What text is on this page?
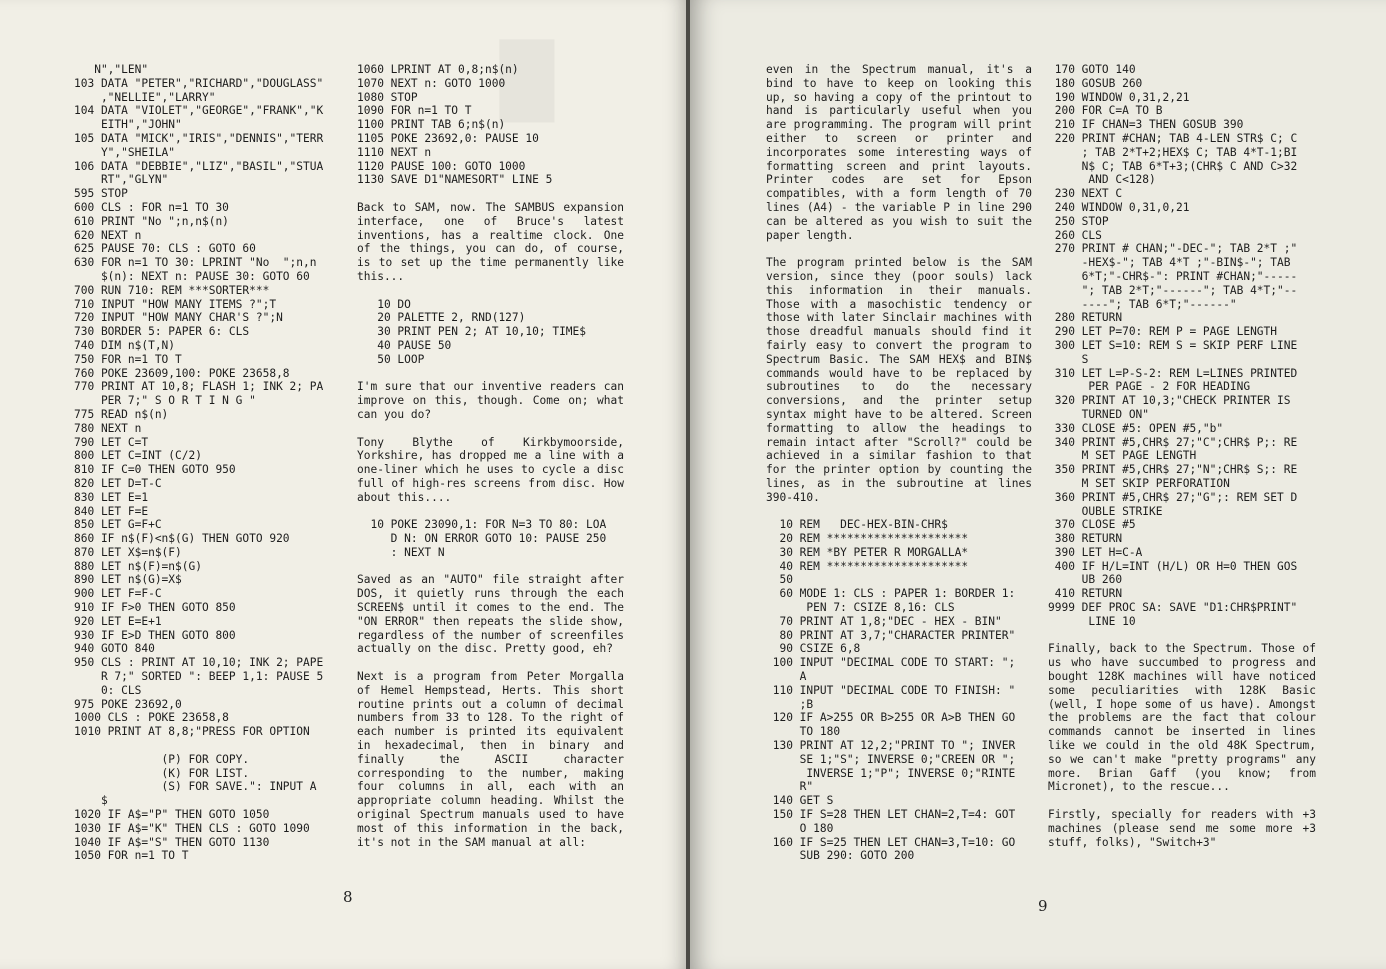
█
N","LEN"
103 DATA "PETER","RICHARD","DOUGLASS"
,"NELLIE","LARRY"
104 DATA "VIOLET","GEORGE","FRANK","K
EITH","JOHN"
105 DATA "MICK","IRIS","DENNIS","TERR
Y","SHEILA"
106 DATA "DEBBIE","LIZ","BASIL","STUA
RT","GLYN"
595 STOP
600 CLS : FOR n=1 TO 30
610 PRINT "No ";n,n$(n)
620 NEXT n
625 PAUSE 70: CLS : GOTO 60
630 FOR n=1 TO 30: LPRINT "No  ";n,n
$(n): NEXT n: PAUSE 30: GOTO 60
700 RUN 710: REM ***SORTER***
710 INPUT "HOW MANY ITEMS ?";T
720 INPUT "HOW MANY CHAR'S ?";N
730 BORDER 5: PAPER 6: CLS
740 DIM n$(T,N)
750 FOR n=1 TO T
760 POKE 23609,100: POKE 23658,8
770 PRINT AT 10,8; FLASH 1; INK 2; PA
PER 7;" S O R T I N G "
775 READ n$(n)
780 NEXT n
790 LET C=T
800 LET C=INT (C/2)
810 IF C=0 THEN GOTO 950
820 LET D=T-C
830 LET E=1
840 LET F=E
850 LET G=F+C
860 IF n$(F)<n$(G) THEN GOTO 920
870 LET X$=n$(F)
880 LET n$(F)=n$(G)
890 LET n$(G)=X$
900 LET F=F-C
910 IF F>0 THEN GOTO 850
920 LET E=E+1
930 IF E>D THEN GOTO 800
940 GOTO 840
950 CLS : PRINT AT 10,10; INK 2; PAPE
R 7;" SORTED ": BEEP 1,1: PAUSE 5
0: CLS
975 POKE 23692,0
1000 CLS : POKE 23658,8
1010 PRINT AT 8,8;"PRESS FOR OPTION

(P) FOR COPY.
(K) FOR LIST.
(S) FOR SAVE.": INPUT A
$
1020 IF A$="P" THEN GOTO 1050
1030 IF A$="K" THEN CLS : GOTO 1090
1040 IF A$="S" THEN GOTO 1130
1050 FOR n=1 TO T
1060 LPRINT AT 0,8;n$(n)
1070 NEXT n: GOTO 1000
1080 STOP
1090 FOR n=1 TO T
1100 PRINT TAB 6;n$(n)
1105 POKE 23692,0: PAUSE 10
1110 NEXT n
1120 PAUSE 100: GOTO 1000
1130 SAVE D1"NAMESORT" LINE 5

Back to SAM, now. The SAMBUS expansion interface, one of Bruce's latest inventions, has a realtime clock. One of the things, you can do, of course, is to set up the time permanently like this...

10 DO
20 PALETTE 2, RND(127)
30 PRINT PEN 2; AT 10,10; TIME$
40 PAUSE 50
50 LOOP

I'm sure that our inventive readers can improve on this, though. Come on; what can you do?

Tony Blythe of Kirkbymoorside, Yorkshire, has dropped me a line with a one-liner which he uses to cycle a disc full of high-res screens from disc. How about this....

10 POKE 23090,1: FOR N=3 TO 80: LOA
D N: ON ERROR GOTO 10: PAUSE 250
: NEXT N

Saved as an "AUTO" file straight after DOS, it quietly runs through the each SCREEN$ until it comes to the end. The "ON ERROR" then repeats the slide show, regardless of the number of screenfiles actually on the disc. Pretty good, eh?

Next is a program from Peter Morgalla of Hemel Hempstead, Herts. This short routine prints out a column of decimal numbers from 33 to 128. To the right of each number is printed its equivalent in hexadecimal, then in binary and finally the ASCII character corresponding to the number, making four columns in all, each with an appropriate column heading. Whilst the original Spectrum manuals used to have most of this information in the back, it's not in the SAM manual at all:

8

even in the Spectrum manual, it's a bind to have to keep on looking this up, so having a copy of the printout to hand is particularly useful when you are programming. The program will print either to screen or printer and incorporates some interesting ways of formatting screen and print layouts. Printer codes are set for Epson compatibles, with a form length of 70 lines (A4) - the variable P in line 290 can be altered as you wish to suit the paper length.

The program printed below is the SAM version, since they (poor souls) lack this information in their manuals. Those with a masochistic tendency or those with later Sinclair machines with those dreadful manuals should find it fairly easy to convert the program to Spectrum Basic. The SAM HEX$ and BIN$ commands would have to be replaced by subroutines to do the necessary conversions, and the printer setup syntax might have to be altered. Screen formatting to allow the headings to remain intact after "Scroll?" could be achieved in a similar fashion to that for the printer option by counting the lines, as in the subroutine at lines 390-410.

10 REM   DEC-HEX-BIN-CHR$
20 REM *********************
30 REM *BY PETER R MORGALLA*
40 REM *********************
50
60 MODE 1: CLS : PAPER 1: BORDER 1:
PEN 7: CSIZE 8,16: CLS
70 PRINT AT 1,8;"DEC - HEX - BIN"
80 PRINT AT 3,7;"CHARACTER PRINTER"
90 CSIZE 6,8
100 INPUT "DECIMAL CODE TO START: ";
A
110 INPUT "DECIMAL CODE TO FINISH: "
;B
120 IF A>255 OR B>255 OR A>B THEN GO
TO 180
130 PRINT AT 12,2;"PRINT TO "; INVER
SE 1;"S"; INVERSE 0;"CREEN OR ";
INVERSE 1;"P"; INVERSE 0;"RINTE
R"
140 GET S
150 IF S=28 THEN LET CHAN=2,T=4: GOT
O 180
160 IF S=25 THEN LET CHAN=3,T=10: GO
SUB 290: GOTO 200
170 GOTO 140
180 GOSUB 260
190 WINDOW 0,31,2,21
200 FOR C=A TO B
210 IF CHAN=3 THEN GOSUB 390
220 PRINT #CHAN; TAB 4-LEN STR$ C; C
; TAB 2*T+2;HEX$ C; TAB 4*T-1;BI
N$ C; TAB 6*T+3;(CHR$ C AND C>32
AND C<128)
230 NEXT C
240 WINDOW 0,31,0,21
250 STOP
260 CLS
270 PRINT # CHAN;"-DEC-"; TAB 2*T ;"
-HEX$-"; TAB 4*T ;"-BIN$-"; TAB
6*T;"-CHR$-": PRINT #CHAN;"-----
"; TAB 2*T;"------"; TAB 4*T;"--
----"; TAB 6*T;"------"
280 RETURN
290 LET P=70: REM P = PAGE LENGTH
300 LET S=10: REM S = SKIP PERF LINE
S
310 LET L=P-S-2: REM L=LINES PRINTED
PER PAGE - 2 FOR HEADING
320 PRINT AT 10,3;"CHECK PRINTER IS
TURNED ON"
330 CLOSE #5: OPEN #5,"b"
340 PRINT #5,CHR$ 27;"C";CHR$ P;: RE
M SET PAGE LENGTH
350 PRINT #5,CHR$ 27;"N";CHR$ S;: RE
M SET SKIP PERFORATION
360 PRINT #5,CHR$ 27;"G";: REM SET D
OUBLE STRIKE
370 CLOSE #5
380 RETURN
390 LET H=C-A
400 IF H/L=INT (H/L) OR H=0 THEN GOS
UB 260
410 RETURN
9999 DEF PROC SA: SAVE "D1:CHR$PRINT"
LINE 10

Finally, back to the Spectrum. Those of us who have succumbed to progress and bought 128K machines will have noticed some peculiarities with 128K Basic (well, I hope some of us have). Amongst the problems are the fact that colour commands cannot be inserted in lines like we could in the old 48K Spectrum, so we can't make "pretty programs" any more. Brian Gaff (you know; from Micronet), to the rescue...

Firstly, specially for readers with +3 machines (please send me some more +3 stuff, folks), "Switch+3"

9
